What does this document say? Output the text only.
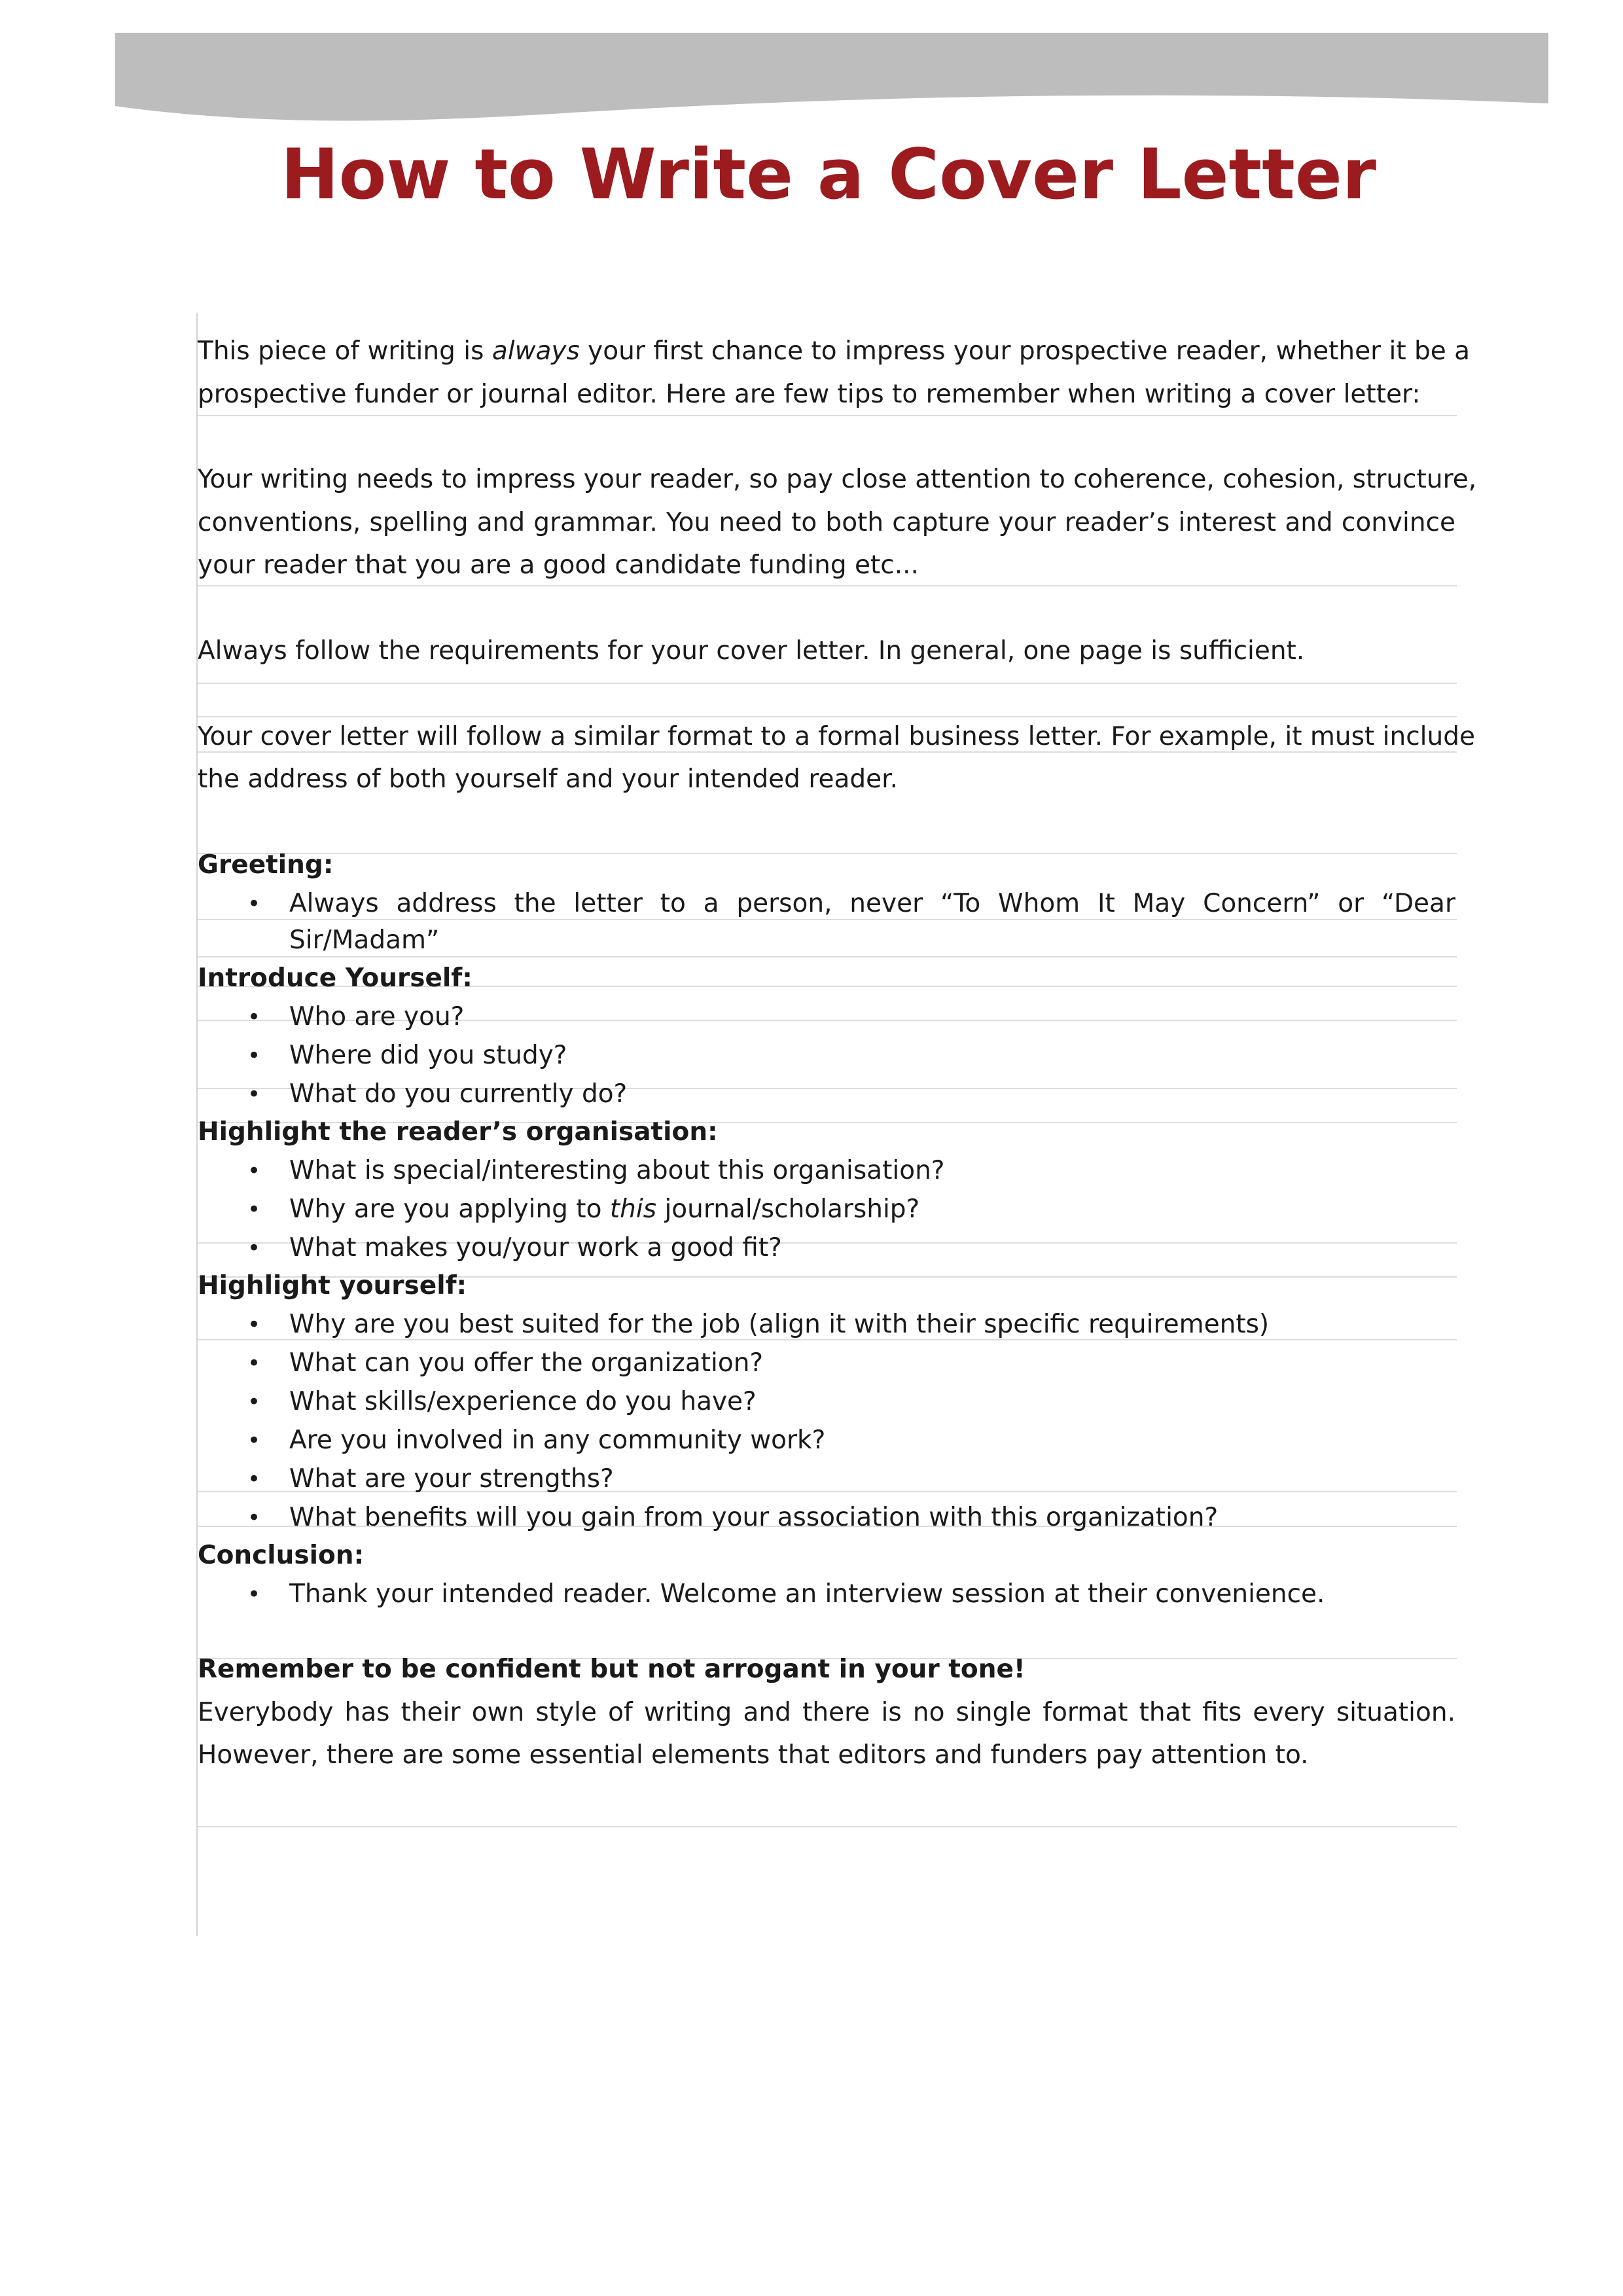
How to Write a Cover Letter
This piece of writing is always your first chance to impress your prospective reader, whether it be a
prospective funder or journal editor. Here are few tips to remember when writing a cover letter:
Your writing needs to impress your reader, so pay close attention to coherence, cohesion, structure,
conventions, spelling and grammar. You need to both capture your reader’s interest and convince
your reader that you are a good candidate funding etc...
Always follow the requirements for your cover letter. In general, one page is sufficient.
Your cover letter will follow a similar format to a formal business letter. For example, it must include
the address of both yourself and your intended reader.
Greeting:
• Always address the letter to a person, never “To Whom It May Concern” or “Dear
Sir/Madam”
Introduce Yourself:
• Who are you?
• Where did you study?
• What do you currently do?
Highlight the reader’s organisation:
• What is special/interesting about this organisation?
• Why are you applying to this journal/scholarship?
• What makes you/your work a good fit?
Highlight yourself:
• Why are you best suited for the job (align it with their specific requirements)
• What can you offer the organization?
• What skills/experience do you have?
• Are you involved in any community work?
• What are your strengths?
• What benefits will you gain from your association with this organization?
Conclusion:
• Thank your intended reader. Welcome an interview session at their convenience.
Remember to be confident but not arrogant in your tone!
Everybody has their own style of writing and there is no single format that fits every situation.
However, there are some essential elements that editors and funders pay attention to.
